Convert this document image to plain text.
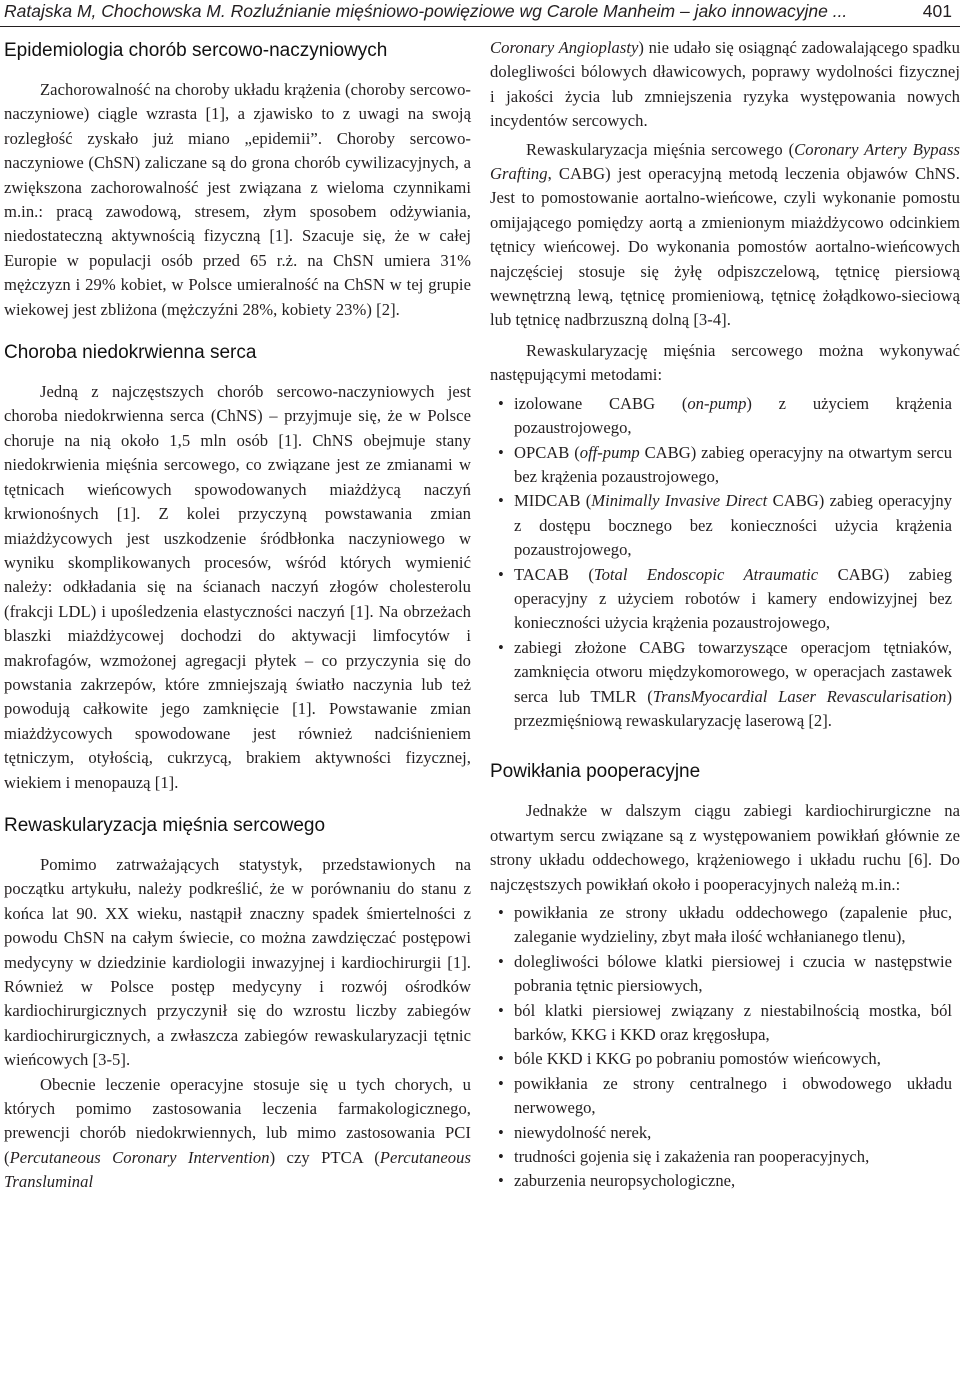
Ratajska M, Chochowska M. Rozluźnianie mięśniowo-powięziowe wg Carole Manheim – jako innowacyjne ...	401
Epidemiologia chorób sercowo-naczyniowych

Zachorowalność na choroby układu krążenia (choroby sercowo-naczyniowe) ciągle wzrasta [1], a zjawisko to z uwagi na swoją rozległość zyskało już miano „epidemii”. Choroby sercowo-naczyniowe (ChSN) zaliczane są do grona chorób cywilizacyjnych, a zwiększona zachorowalność jest związana z wieloma czynnikami m.in.: pracą zawodową, stresem, złym sposobem odżywiania, niedostateczną aktywnością fizyczną [1]. Szacuje się, że w całej Europie w populacji osób przed 65 r.ż. na ChSN umiera 31% mężczyzn i 29% kobiet, w Polsce umieralność na ChSN w tej grupie wiekowej jest zbliżona (mężczyźni 28%, kobiety 23%) [2].

Choroba niedokrwienna serca

Jedną z najczęstszych chorób sercowo-naczyniowych jest choroba niedokrwienna serca (ChNS) – przyjmuje się, że w Polsce choruje na nią około 1,5 mln osób [1]. ChNS obejmuje stany niedokrwienia mięśnia sercowego, co związane jest ze zmianami w tętnicach wieńcowych spowodowanych miażdżycą naczyń krwionośnych [1]. Z kolei przyczyną powstawania zmian miażdżycowych jest uszkodzenie śródbłonka naczyniowego w wyniku skomplikowanych procesów, wśród których wymienić należy: odkładania się na ścianach naczyń złogów cholesterolu (frakcji LDL) i upośledzenia elastyczności naczyń [1]. Na obrzeżach blaszki miażdżycowej dochodzi do aktywacji limfocytów i makrofagów, wzmożonej agregacji płytek – co przyczynia się do powstania zakrzepów, które zmniejszają światło naczynia lub też powodują całkowite jego zamknięcie [1]. Powstawanie zmian miażdżycowych spowodowane jest również nadciśnieniem tętniczym, otyłością, cukrzycą, brakiem aktywności fizycznej, wiekiem i menopauzą [1].

Rewaskularyzacja mięśnia sercowego

Pomimo zatrważających statystyk, przedstawionych na początku artykułu, należy podkreślić, że w porównaniu do stanu z końca lat 90. XX wieku, nastąpił znaczny spadek śmiertelności z powodu ChSN na całym świecie, co można zawdzięczać postępowi medycyny w dziedzinie kardiologii inwazyjnej i kardiochirurgii [1]. Również w Polsce postęp medycyny i rozwój ośrodków kardiochirurgicznych przyczynił się do wzrostu liczby zabiegów kardiochirurgicznych, a zwłaszcza zabiegów rewaskularyzacji tętnic wieńcowych [3-5].

Obecnie leczenie operacyjne stosuje się u tych chorych, u których pomimo zastosowania leczenia farmakologicznego, prewencji chorób niedokrwiennych, lub mimo zastosowania PCI (Percutaneous Coronary Intervention) czy PTCA (Percutaneous Transluminal

Coronary Angioplasty) nie udało się osiągnąć zadowalającego spadku dolegliwości bólowych dławicowych, poprawy wydolności fizycznej i jakości życia lub zmniejszenia ryzyka występowania nowych incydentów sercowych.

Rewaskularyzacja mięśnia sercowego (Coronary Artery Bypass Grafting, CABG) jest operacyjną metodą leczenia objawów ChNS. Jest to pomostowanie aortalno-wieńcowe, czyli wykonanie pomostu omijającego pomiędzy aortą a zmienionym miażdżycowo odcinkiem tętnicy wieńcowej. Do wykonania pomostów aortalno-wieńcowych najczęściej stosuje się żyłę odpiszczelową, tętnicę piersiową wewnętrzną lewą, tętnicę promieniową, tętnicę żołądkowo-sieciową lub tętnicę nadbrzuszną dolną [3-4].

Rewaskularyzację mięśnia sercowego można wykonywać następującymi metodami:

• izolowane CABG (on-pump) z użyciem krążenia pozaustrojowego,
• OPCAB (off-pump CABG) zabieg operacyjny na otwartym sercu bez krążenia pozaustrojowego,
• MIDCAB (Minimally Invasive Direct CABG) zabieg operacyjny z dostępu bocznego bez konieczności użycia krążenia pozaustrojowego,
• TACAB (Total Endoscopic Atraumatic CABG) zabieg operacyjny z użyciem robotów i kamery endowizyjnej bez konieczności użycia krążenia pozaustrojowego,
• zabiegi złożone CABG towarzyszące operacjom tętniaków, zamknięcia otworu międzykomorowego, w operacjach zastawek serca lub TMLR (TransMyocardial Laser Revascularisation) przezmięśniową rewaskularyzację laserową [2].
Powikłania pooperacyjne

Jednakże w dalszym ciągu zabiegi kardiochirurgiczne na otwartym sercu związane są z występowaniem powikłań głównie ze strony układu oddechowego, krążeniowego i układu ruchu [6]. Do najczęstszych powikłań około i pooperacyjnych należą m.in.:

• powikłania ze strony układu oddechowego (zapalenie płuc, zaleganie wydzieliny, zbyt mała ilość wchłanianego tlenu),
• dolegliwości bólowe klatki piersiowej i czucia w następstwie pobrania tętnic piersiowych,
• ból klatki piersiowej związany z niestabilnością mostka, ból barków, KKG i KKD oraz kręgosłupa,
• bóle KKD i KKG po pobraniu pomostów wieńcowych,
• powikłania ze strony centralnego i obwodowego układu nerwowego,
• niewydolność nerek,
• trudności gojenia się i zakażenia ran pooperacyjnych,
• zaburzenia neuropsychologiczne,
